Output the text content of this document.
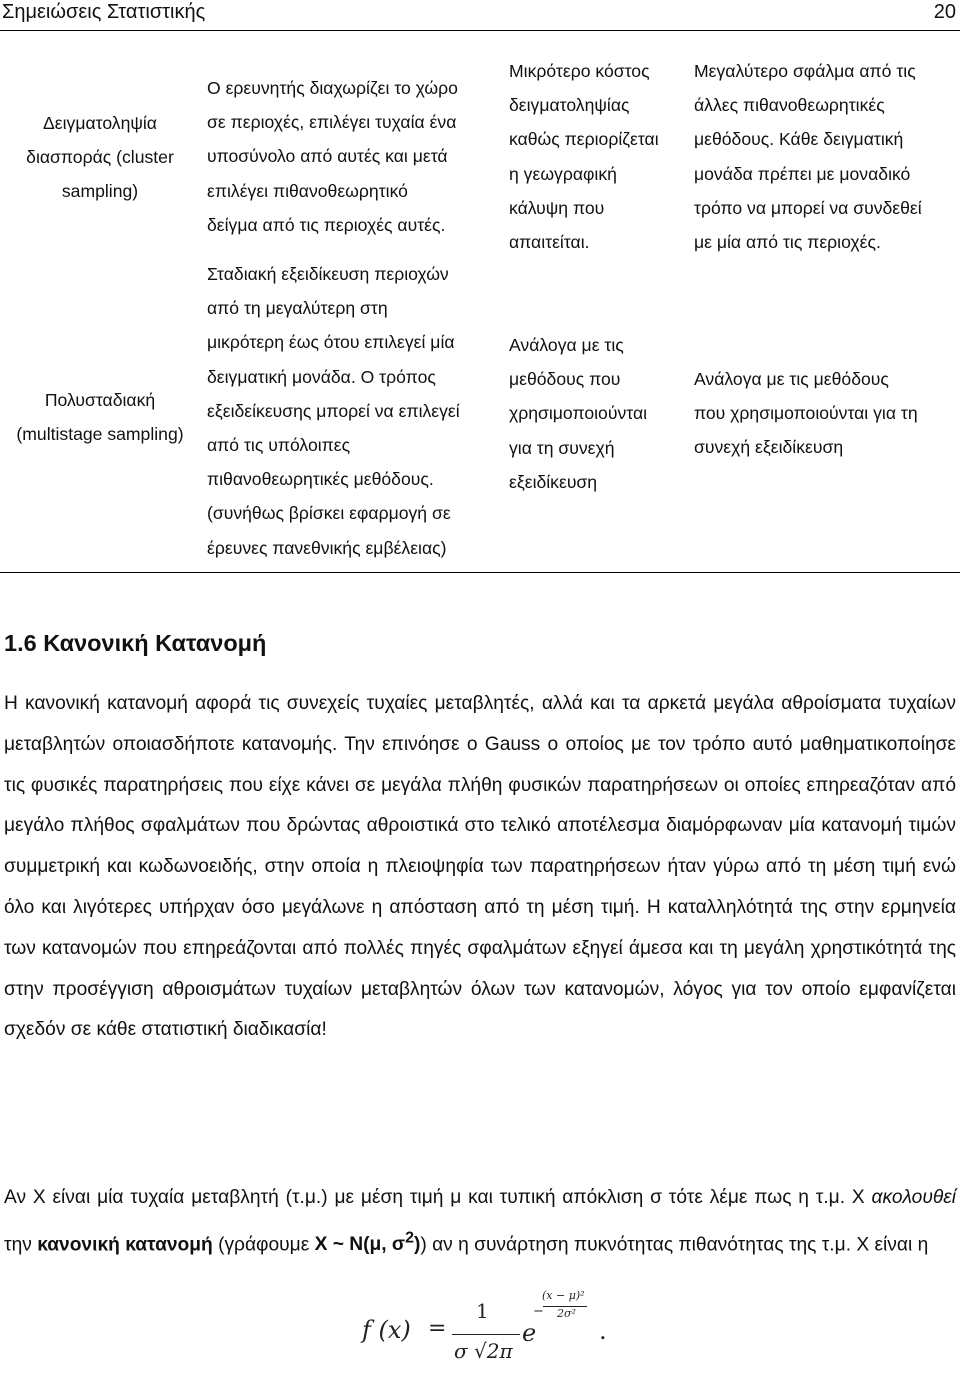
Σημειώσεις Στατιστικής	20
Δειγματοληψία
διασποράς (cluster
sampling)
Ο ερευνητής διαχωρίζει το χώρο
σε περιοχές, επιλέγει τυχαία ένα
υποσύνολο από αυτές και μετά
επιλέγει πιθανοθεωρητικό
δείγμα από τις περιοχές αυτές.
Μικρότερο κόστος
δειγματοληψίας
καθώς περιορίζεται
η γεωγραφική
κάλυψη που
απαιτείται.
Μεγαλύτερο σφάλμα από τις
άλλες πιθανοθεωρητικές
μεθόδους. Κάθε δειγματική
μονάδα πρέπει με μοναδικό
τρόπο να μπορεί να συνδεθεί
με μία από τις περιοχές.
Πολυσταδιακή
(multistage sampling)
Σταδιακή εξειδίκευση περιοχών
από τη μεγαλύτερη στη
μικρότερη έως ότου επιλεγεί μία
δειγματική μονάδα. Ο τρόπος
εξειδείκευσης μπορεί να επιλεγεί
από τις υπόλοιπες
πιθανοθεωρητικές μεθόδους.
(συνήθως βρίσκει εφαρμογή σε
έρευνες πανεθνικής εμβέλειας)
Ανάλογα με τις
μεθόδους που
χρησιμοποιούνται
για τη συνεχή
εξειδίκευση
Ανάλογα με τις μεθόδους
που χρησιμοποιούνται για τη
συνεχή εξειδίκευση
1.6 Κανονική Κατανομή
Η κανονική κατανομή αφορά τις συνεχείς τυχαίες μεταβλητές, αλλά και τα αρκετά μεγάλα αθροίσματα τυχαίων μεταβλητών οποιασδήποτε κατανομής. Την επινόησε ο Gauss ο οποίος με τον τρόπο αυτό μαθηματικοποίησε τις φυσικές παρατηρήσεις που είχε κάνει σε μεγάλα πλήθη φυσικών παρατηρήσεων οι οποίες επηρεαζόταν από μεγάλο πλήθος σφαλμάτων που δρώντας αθροιστικά στο τελικό αποτέλεσμα διαμόρφωναν μία κατανομή τιμών συμμετρική και κωδωνοειδής, στην οποία η πλειοψηφία των παρατηρήσεων ήταν γύρω από τη μέση τιμή ενώ όλο και λιγότερες υπήρχαν όσο μεγάλωνε η απόσταση από τη μέση τιμή. Η καταλληλότητά της στην ερμηνεία των κατανομών που επηρεάζονται από πολλές πηγές σφαλμάτων εξηγεί άμεσα και τη μεγάλη χρηστικότητά της στην προσέγγιση αθροισμάτων τυχαίων μεταβλητών όλων των κατανομών, λόγος για τον οποίο εμφανίζεται σχεδόν σε κάθε στατιστική διαδικασία!
Αν Χ είναι μία τυχαία μεταβλητή (τ.μ.) με μέση τιμή μ και τυπική απόκλιση σ τότε λέμε πως η τ.μ. Χ ακολουθεί την κανονική κατανομή (γράφουμε Χ ~ Ν(μ, $\sigma^2$)) αν η συνάρτηση πυκνότητας πιθανότητας της τ.μ. Χ είναι η
f (x) =
1
σ √2π
e
−
(x − μ)²
2σ²
.
